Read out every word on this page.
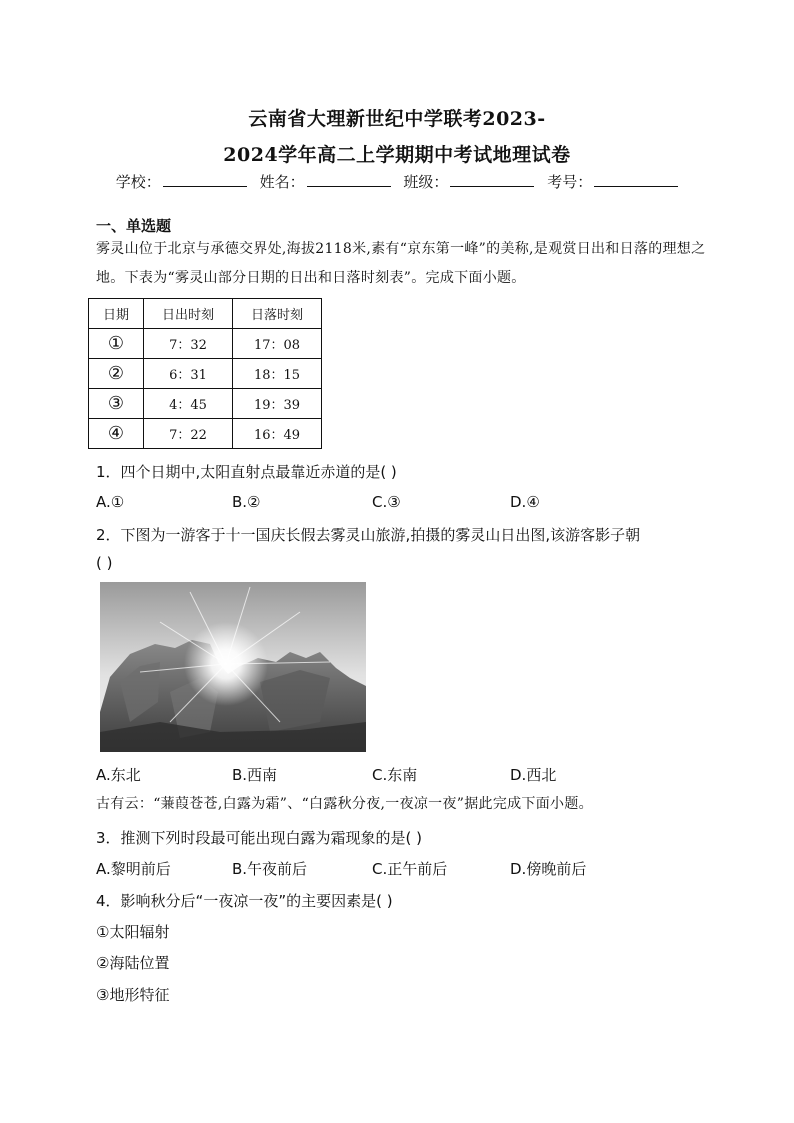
云南省大理新世纪中学联考2023-
2024学年高二上学期期中考试地理试卷
学校：	姓名：	班级：	考号：
一、单选题
雾灵山位于北京与承德交界处,海拔2118米,素有“京东第一峰”的美称,是观赏日出和日落的理想之地。下表为“雾灵山部分日期的日出和日落时刻表”。完成下面小题。
日期	日出时刻	日落时刻
①	7：32	17：08
②	6：31	18：15
③	4：45	19：39
④	7：22	16：49
1．四个日期中,太阳直射点最靠近赤道的是( )
A.①	B.②	C.③	D.④
2．下图为一游客于十一国庆长假去雾灵山旅游,拍摄的雾灵山日出图,该游客影子朝
( )
A.东北	B.西南	C.东南	D.西北
古有云：“蒹葭苍苍,白露为霜”、“白露秋分夜,一夜凉一夜”据此完成下面小题。
3．推测下列时段最可能出现白露为霜现象的是( )
A.黎明前后	B.午夜前后	C.正午前后	D.傍晚前后
4．影响秋分后“一夜凉一夜”的主要因素是( )
①太阳辐射
②海陆位置
③地形特征
